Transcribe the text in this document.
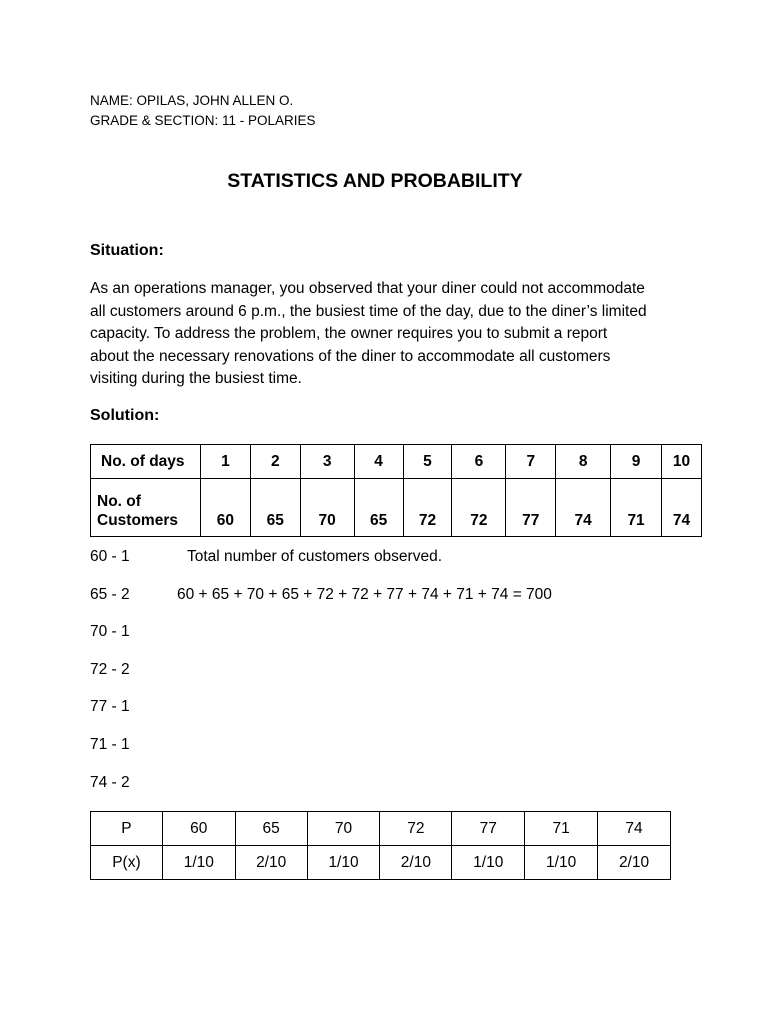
NAME: OPILAS, JOHN ALLEN O.
GRADE & SECTION: 11 - POLARIES
STATISTICS AND PROBABILITY
Situation:
As an operations manager, you observed that your diner could not accommodate
all customers around 6 p.m., the busiest time of the day, due to the diner’s limited
capacity. To address the problem, the owner requires you to submit a report
about the necessary renovations of the diner to accommodate all customers
visiting during the busiest time.
Solution:
No. of days	1	2	3	4	5	6	7	8	9	10

No. of
Customers	60	65	70	65	72	72	77	74	71	74
60 - 1
65 - 2
70 - 1
72 - 2
77 - 1
71 - 1
74 - 2
Total number of customers observed.
60 + 65 + 70 + 65 + 72 + 72 + 77 + 74 + 71 + 74 = 700
P	60	65	70	72	77	71	74
P(x)	1/10	2/10	1/10	2/10	1/10	1/10	2/10
